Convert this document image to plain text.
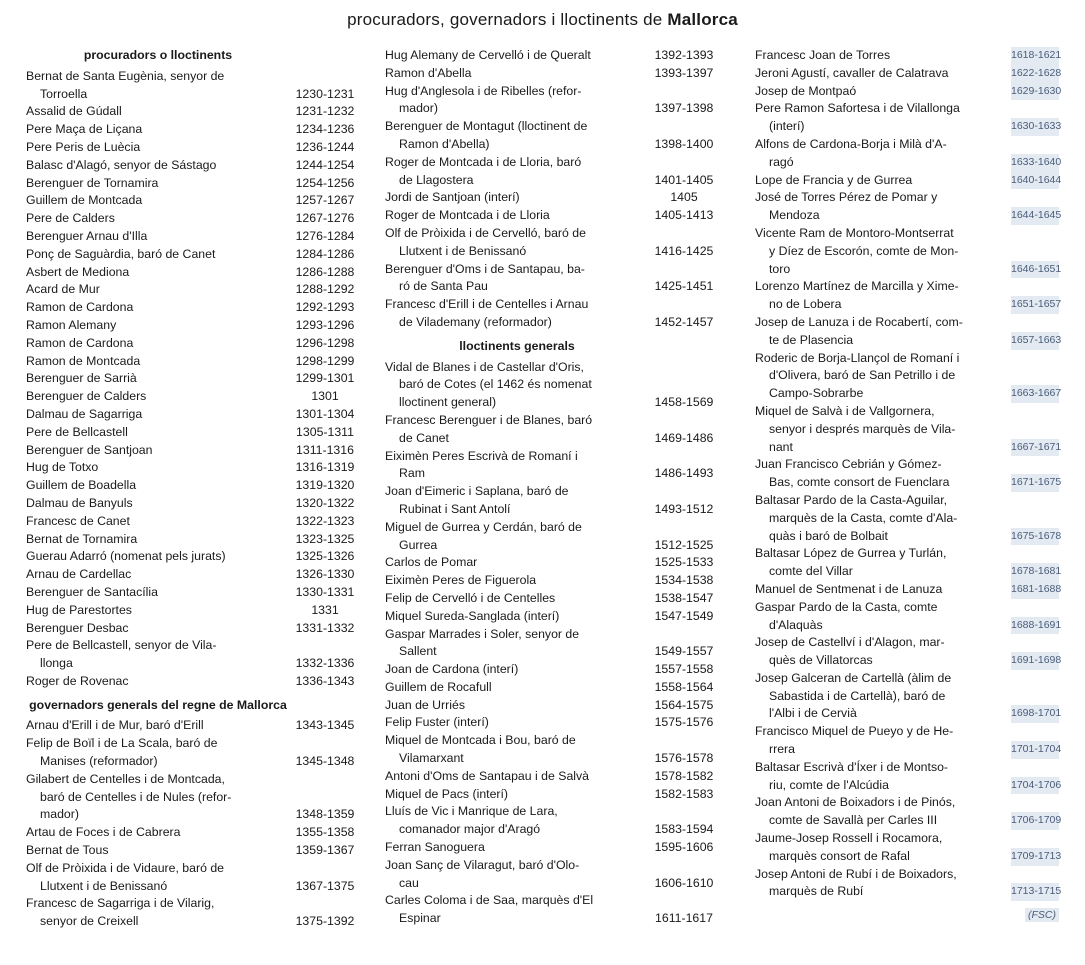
procuradors, governadors i lloctinents de Mallorca
procuradors o lloctinents
Bernat de Santa Eugènia, senyor de
Torroella	1230-1231
Assalid de Gúdall	1231-1232
Pere Maça de Liçana	1234-1236
Pere Peris de Luècia	1236-1244
Balasc d'Alagó, senyor de Sástago	1244-1254
Berenguer de Tornamira	1254-1256
Guillem de Montcada	1257-1267
Pere de Calders	1267-1276
Berenguer Arnau d'Illa	1276-1284
Ponç de Saguàrdia, baró de Canet	1284-1286
Asbert de Mediona	1286-1288
Acard de Mur	1288-1292
Ramon de Cardona	1292-1293
Ramon Alemany	1293-1296
Ramon de Cardona	1296-1298
Ramon de Montcada	1298-1299
Berenguer de Sarrià	1299-1301
Berenguer de Calders	1301
Dalmau de Sagarriga	1301-1304
Pere de Bellcastell	1305-1311
Berenguer de Santjoan	1311-1316
Hug de Totxo	1316-1319
Guillem de Boadella	1319-1320
Dalmau de Banyuls	1320-1322
Francesc de Canet	1322-1323
Bernat de Tornamira	1323-1325
Guerau Adarró (nomenat pels jurats)	1325-1326
Arnau de Cardellac	1326-1330
Berenguer de Santacília	1330-1331
Hug de Parestortes	1331
Berenguer Desbac	1331-1332
Pere de Bellcastell, senyor de Vila-
llonga	1332-1336
Roger de Rovenac	1336-1343
governadors generals del regne de Mallorca
Arnau d'Erill i de Mur, baró d'Erill	1343-1345
Felip de Boïl i de La Scala, baró de
Manises (reformador)	1345-1348
Gilabert de Centelles i de Montcada,
baró de Centelles i de Nules (refor-
mador)	1348-1359
Artau de Foces i de Cabrera	1355-1358
Bernat de Tous	1359-1367
Olf de Pròixida i de Vidaure, baró de
Llutxent i de Benissanó	1367-1375
Francesc de Sagarriga i de Vilarig,
senyor de Creixell	1375-1392
Hug Alemany de Cervelló i de Queralt	1392-1393
Ramon d'Abella	1393-1397
Hug d'Anglesola i de Ribelles (refor-
mador)	1397-1398
Berenguer de Montagut (lloctinent de
Ramon d'Abella)	1398-1400
Roger de Montcada i de Lloria, baró
de Llagostera	1401-1405
Jordi de Santjoan (interí)	1405
Roger de Montcada i de Lloria	1405-1413
Olf de Pròixida i de Cervelló, baró de
Llutxent i de Benissanó	1416-1425
Berenguer d'Oms i de Santapau, ba-
ró de Santa Pau	1425-1451
Francesc d'Erill i de Centelles i Arnau
de Vilademany (reformador)	1452-1457
lloctinents generals
Vidal de Blanes i de Castellar d'Oris,
baró de Cotes (el 1462 és nomenat
lloctinent general)	1458-1569
Francesc Berenguer i de Blanes, baró
de Canet	1469-1486
Eiximèn Peres Escrivà de Romaní i
Ram	1486-1493
Joan d'Eimeric i Saplana, baró de
Rubinat i Sant Antolí	1493-1512
Miguel de Gurrea y Cerdán, baró de
Gurrea	1512-1525
Carlos de Pomar	1525-1533
Eiximèn Peres de Figuerola	1534-1538
Felip de Cervelló i de Centelles	1538-1547
Miquel Sureda-Sanglada (interí)	1547-1549
Gaspar Marrades i Soler, senyor de
Sallent	1549-1557
Joan de Cardona (interí)	1557-1558
Guillem de Rocafull	1558-1564
Juan de Urriés	1564-1575
Felip Fuster (interí)	1575-1576
Miquel de Montcada i Bou, baró de
Vilamarxant	1576-1578
Antoni d'Oms de Santapau i de Salvà	1578-1582
Miquel de Pacs (interí)	1582-1583
Lluís de Vic i Manrique de Lara,
comanador major d'Aragó	1583-1594
Ferran Sanoguera	1595-1606
Joan Sanç de Vilaragut, baró d'Olo-
cau	1606-1610
Carles Coloma i de Saa, marquès d'El
Espinar	1611-1617
Francesc Joan de Torres	1618-1621
Jeroni Agustí, cavaller de Calatrava	1622-1628
Josep de Montpaó	1629-1630
Pere Ramon Safortesa i de Vilallonga
(interí)	1630-1633
Alfons de Cardona-Borja i Milà d'A-
ragó	1633-1640
Lope de Francia y de Gurrea	1640-1644
José de Torres Pérez de Pomar y
Mendoza	1644-1645
Vicente Ram de Montoro-Montserrat
y Díez de Escorón, comte de Mon-
toro	1646-1651
Lorenzo Martínez de Marcilla y Xime-
no de Lobera	1651-1657
Josep de Lanuza i de Rocabertí, com-
te de Plasencia	1657-1663
Roderic de Borja-Llançol de Romaní i
d'Olivera, baró de San Petrillo i de
Campo-Sobrarbe	1663-1667
Miquel de Salvà i de Vallgornera,
senyor i després marquès de Vila-
nant	1667-1671
Juan Francisco Cebrián y Gómez-
Bas, comte consort de Fuenclara	1671-1675
Baltasar Pardo de la Casta-Aguilar,
marquès de la Casta, comte d'Ala-
quàs i baró de Bolbait	1675-1678
Baltasar López de Gurrea y Turlán,
comte del Villar	1678-1681
Manuel de Sentmenat i de Lanuza	1681-1688
Gaspar Pardo de la Casta, comte
d'Alaquàs	1688-1691
Josep de Castellví i d'Alagon, mar-
quès de Villatorcas	1691-1698
Josep Galceran de Cartellà (àlim de
Sabastida i de Cartellà), baró de
l'Albi i de Cervià	1698-1701
Francisco Miquel de Pueyo y de He-
rrera	1701-1704
Baltasar Escrivà d'Íxer i de Montso-
riu, comte de l'Alcúdia	1704-1706
Joan Antoni de Boixadors i de Pinós,
comte de Savallà per Carles III	1706-1709
Jaume-Josep Rossell i Rocamora,
marquès consort de Rafal	1709-1713
Josep Antoni de Rubí i de Boixadors,
marquès de Rubí	1713-1715
(FSC)
